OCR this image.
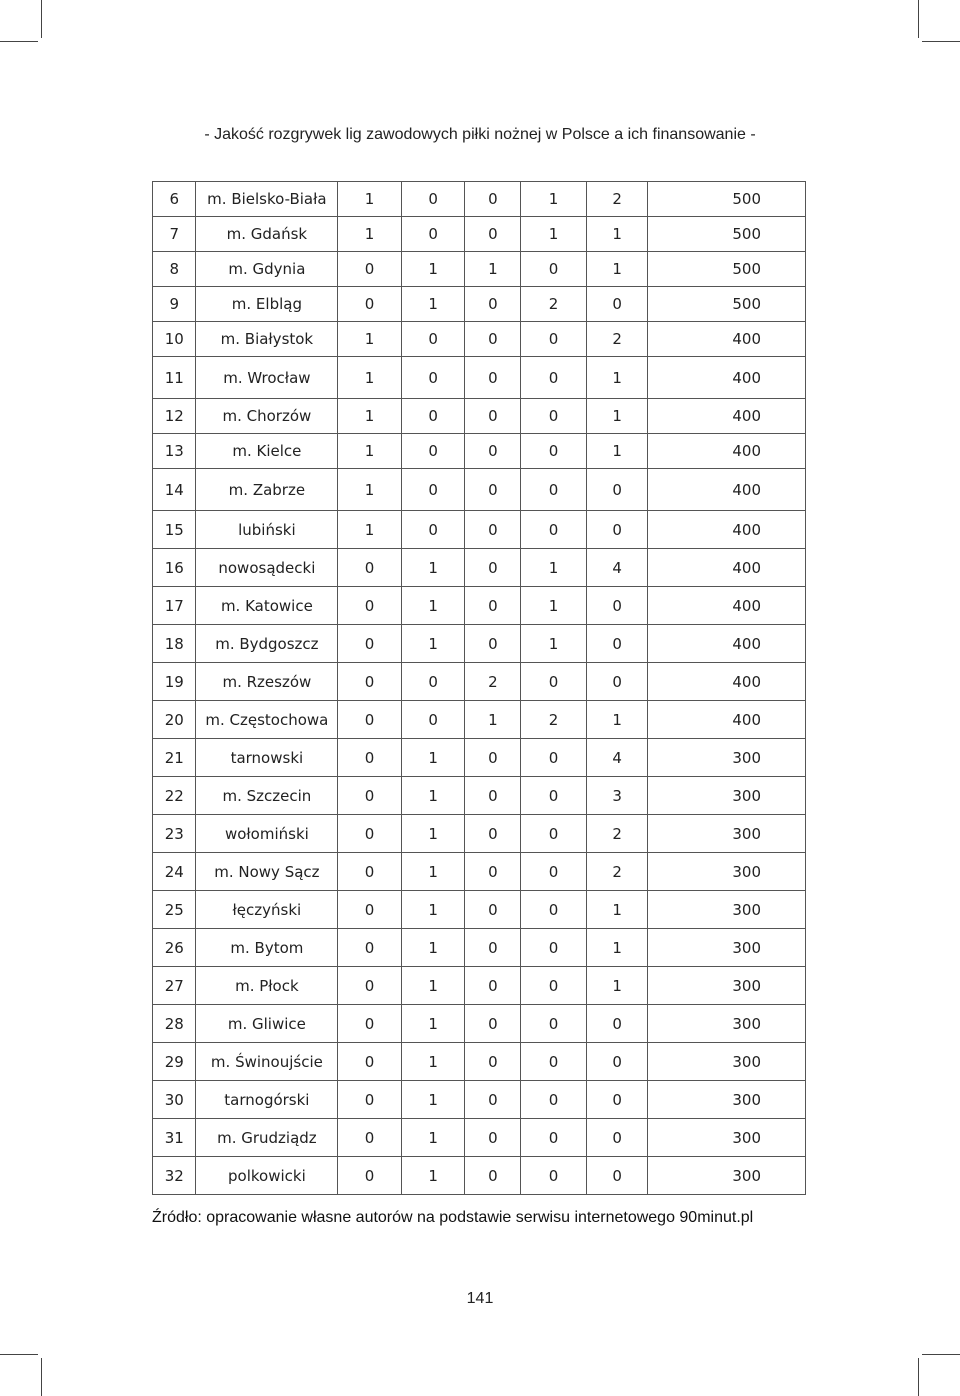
- Jakość rozgrywek lig zawodowych piłki nożnej w Polsce a ich finansowanie -
6	m. Bielsko-Biała	1	0	0	1	2	500
7	m. Gdańsk	1	0	0	1	1	500
8	m. Gdynia	0	1	1	0	1	500
9	m. Elbląg	0	1	0	2	0	500
10	m. Białystok	1	0	0	0	2	400
11	m. Wrocław	1	0	0	0	1	400
12	m. Chorzów	1	0	0	0	1	400
13	m. Kielce	1	0	0	0	1	400
14	m. Zabrze	1	0	0	0	0	400
15	lubiński	1	0	0	0	0	400
16	nowosądecki	0	1	0	1	4	400
17	m. Katowice	0	1	0	1	0	400
18	m. Bydgoszcz	0	1	0	1	0	400
19	m. Rzeszów	0	0	2	0	0	400
20	m. Częstochowa	0	0	1	2	1	400
21	tarnowski	0	1	0	0	4	300
22	m. Szczecin	0	1	0	0	3	300
23	wołomiński	0	1	0	0	2	300
24	m. Nowy Sącz	0	1	0	0	2	300
25	łęczyński	0	1	0	0	1	300
26	m. Bytom	0	1	0	0	1	300
27	m. Płock	0	1	0	0	1	300
28	m. Gliwice	0	1	0	0	0	300
29	m. Świnoujście	0	1	0	0	0	300
30	tarnogórski	0	1	0	0	0	300
31	m. Grudziądz	0	1	0	0	0	300
32	polkowicki	0	1	0	0	0	300
Źródło: opracowanie własne autorów na podstawie serwisu internetowego 90minut.pl
141
